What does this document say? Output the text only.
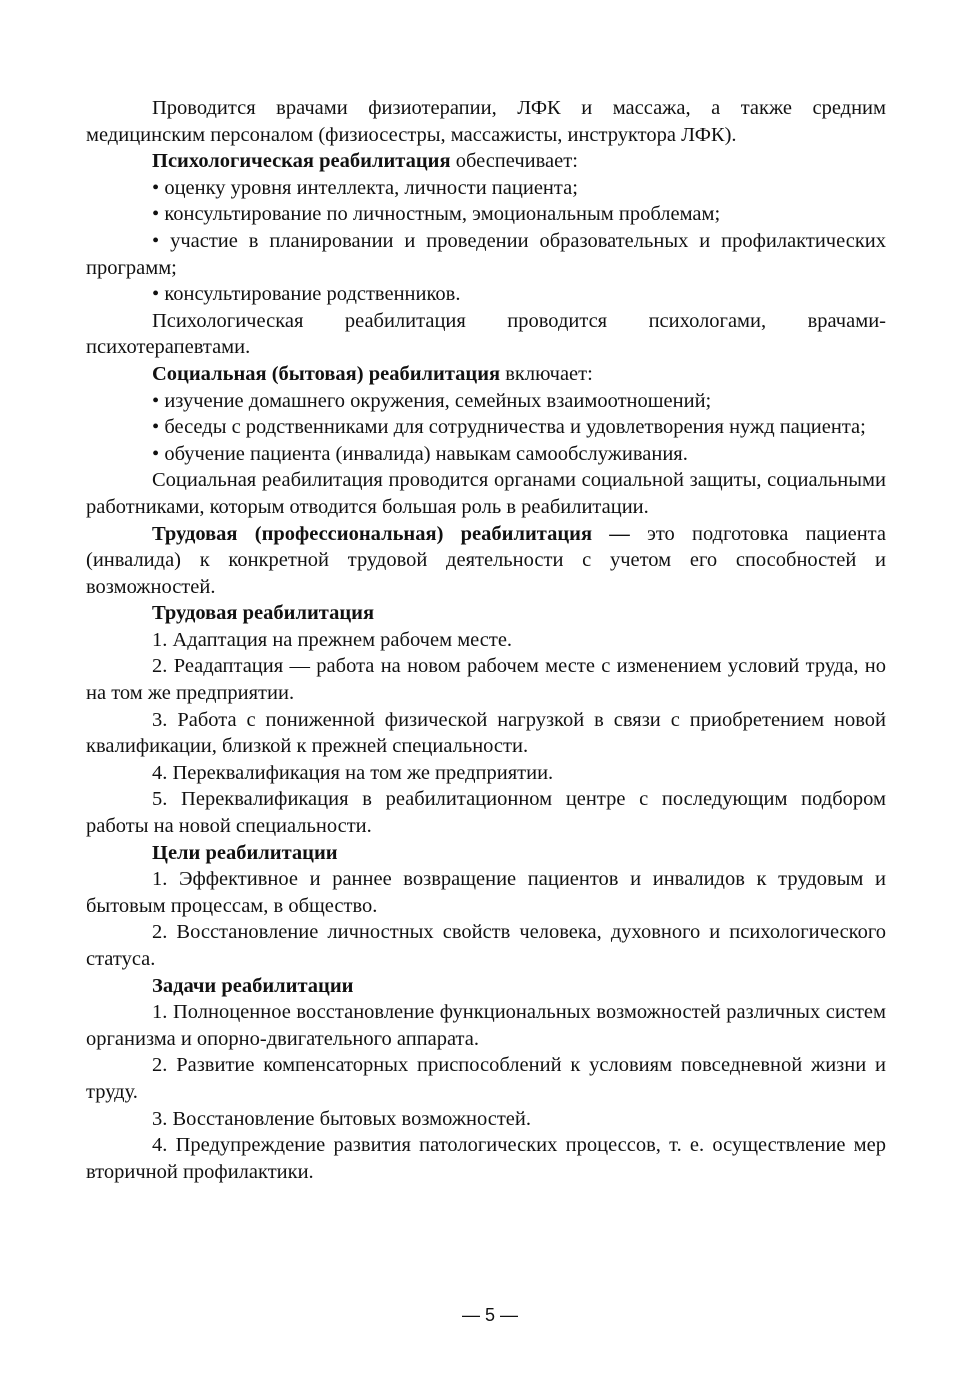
Проводится врачами физиотерапии, ЛФК и массажа, а также средним медицинским персоналом (физиосестры, массажисты, инструктора ЛФК).

Психологическая реабилитация обеспечивает:

• оценку уровня интеллекта, личности пациента;

• консультирование по личностным, эмоциональным проблемам;

• участие в планировании и проведении образовательных и профилактических программ;

• консультирование родственников.

Психологическая реабилитация проводится психологами, врачами-психотерапевтами.

Социальная (бытовая) реабилитация включает:

• изучение домашнего окружения, семейных взаимоотношений;

• беседы с родственниками для сотрудничества и удовлетворения нужд пациента;

• обучение пациента (инвалида) навыкам самообслуживания.

Социальная реабилитация проводится органами социальной защиты, социальными работниками, которым отводится большая роль в реабилитации.

Трудовая (профессиональная) реабилитация — это подготовка пациента (инвалида) к конкретной трудовой деятельности с учетом его способностей и возможностей.

Трудовая реабилитация

1. Адаптация на прежнем рабочем месте.

2. Реадаптация — работа на новом рабочем месте с изменением условий труда, но на том же предприятии.

3. Работа с пониженной физической нагрузкой в связи с приобретением новой квалификации, близкой к прежней специальности.

4. Переквалификация на том же предприятии.

5. Переквалификация в реабилитационном центре с последующим подбором работы на новой специальности.

Цели реабилитации

1. Эффективное и раннее возвращение пациентов и инвалидов к трудовым и бытовым процессам, в общество.

2. Восстановление личностных свойств человека, духовного и психологического статуса.

Задачи реабилитации

1. Полноценное восстановление функциональных возможностей различных систем организма и опорно-двигательного аппарата.

2. Развитие компенсаторных приспособлений к условиям повседневной жизни и труду.

3. Восстановление бытовых возможностей.

4. Предупреждение развития патологических процессов, т. е. осуществление мер вторичной профилактики.

— 5 —
